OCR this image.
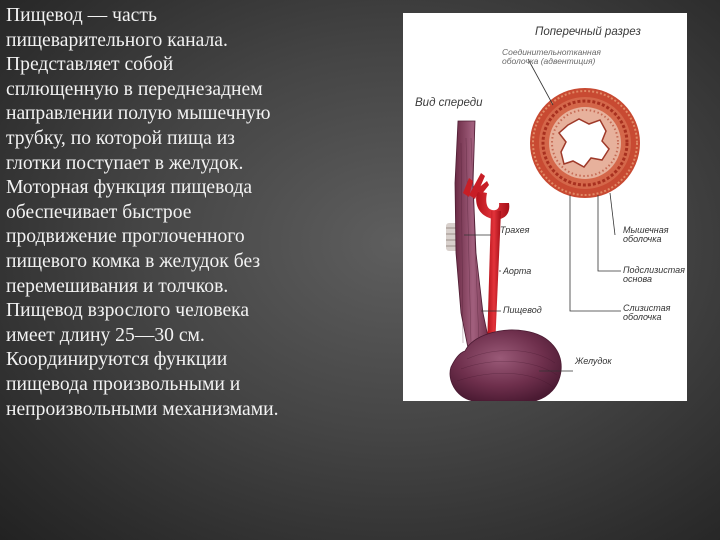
Пищевод — часть
пищеварительного канала.
Представляет собой
сплющенную в переднезаднем
направлении полую мышечную
трубку, по которой пища из
глотки поступает в желудок.
Моторная функция пищевода
обеспечивает быстрое
продвижение проглоченного
пищевого комка в желудок без
перемешивания и толчков.
Пищевод взрослого человека
имеет длину 25—30 см.
Координируются функции
пищевода произвольными и
непроизвольными механизмами.

Поперечный разрез

Соединительнотканная

оболочка (адвентиция)

Вид спереди

Трахея	Мышечная

оболочка

Аорта	Подслизистая

основа

Пищевод	Слизистая

оболочка

Желудок
